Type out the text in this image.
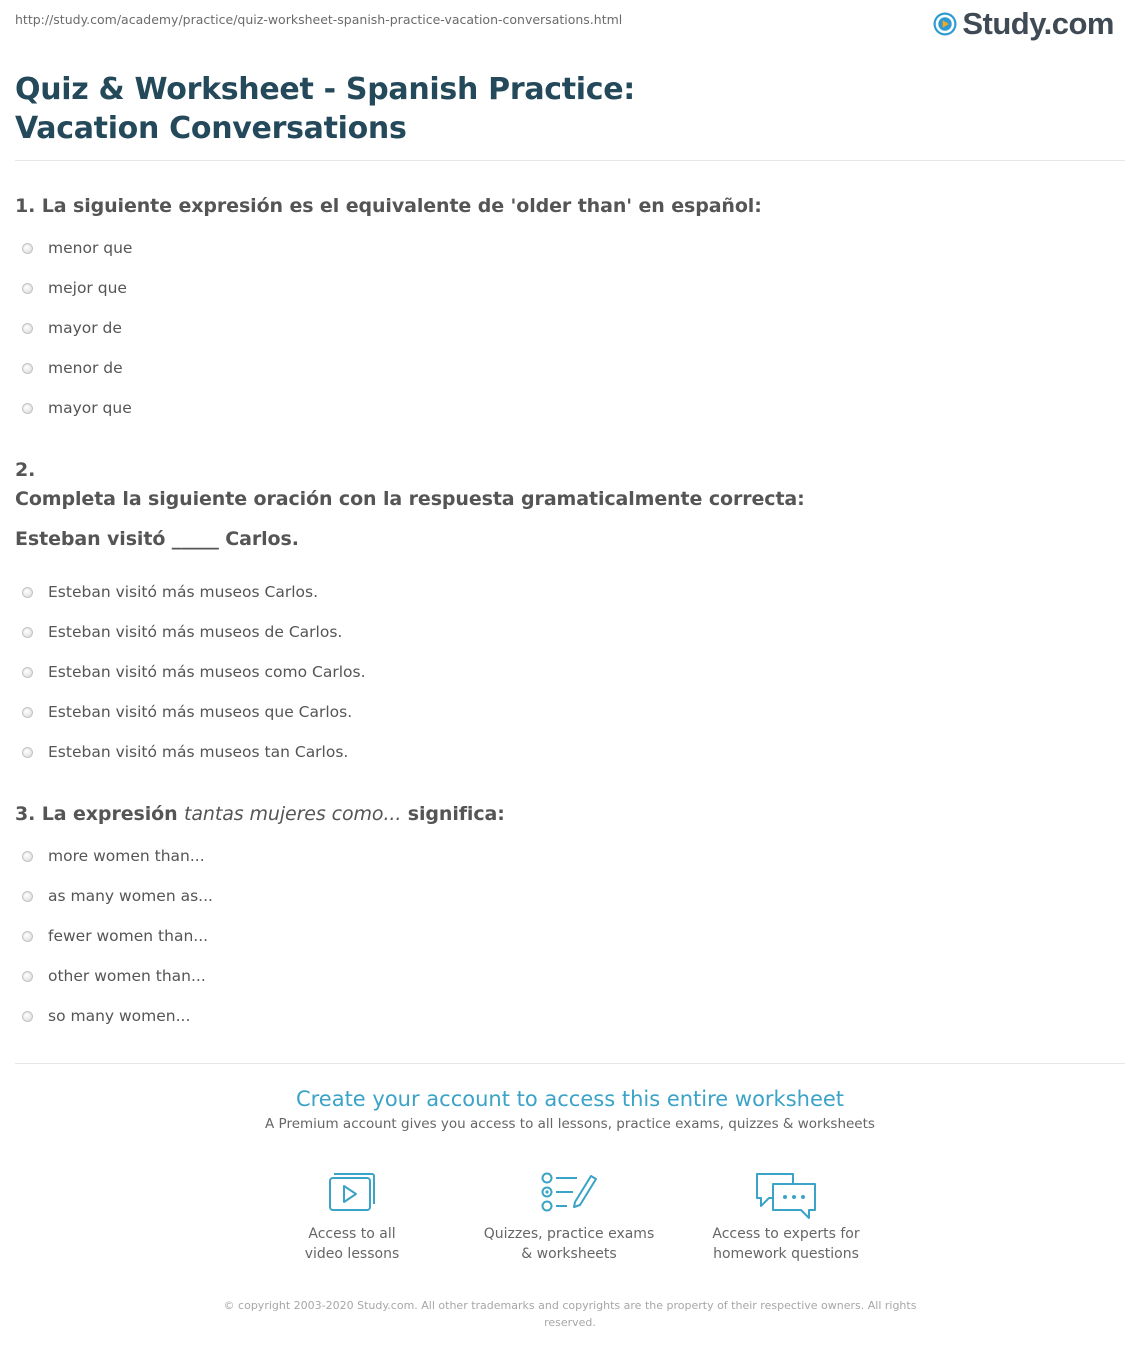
http://study.com/academy/practice/quiz-worksheet-spanish-practice-vacation-conversations.html	Study.com
Quiz & Worksheet - Spanish Practice: Vacation Conversations
1. La siguiente expresión es el equivalente de 'older than' en español:
menor que
mejor que
mayor de
menor de
mayor que
2.
Completa la siguiente oración con la respuesta gramaticalmente correcta:
Esteban visitó _____ Carlos.
Esteban visitó más museos Carlos.
Esteban visitó más museos de Carlos.
Esteban visitó más museos como Carlos.
Esteban visitó más museos que Carlos.
Esteban visitó más museos tan Carlos.
3. La expresión tantas mujeres como... significa:
more women than...
as many women as...
fewer women than...
other women than...
so many women...
Create your account to access this entire worksheet

A Premium account gives you access to all lessons, practice exams, quizzes & worksheets

Access to all
video lessons
Quizzes, practice exams
& worksheets
Access to experts for
homework questions
© copyright 2003-2020 Study.com. All other trademarks and copyrights are the property of their respective owners. All rights
reserved.
